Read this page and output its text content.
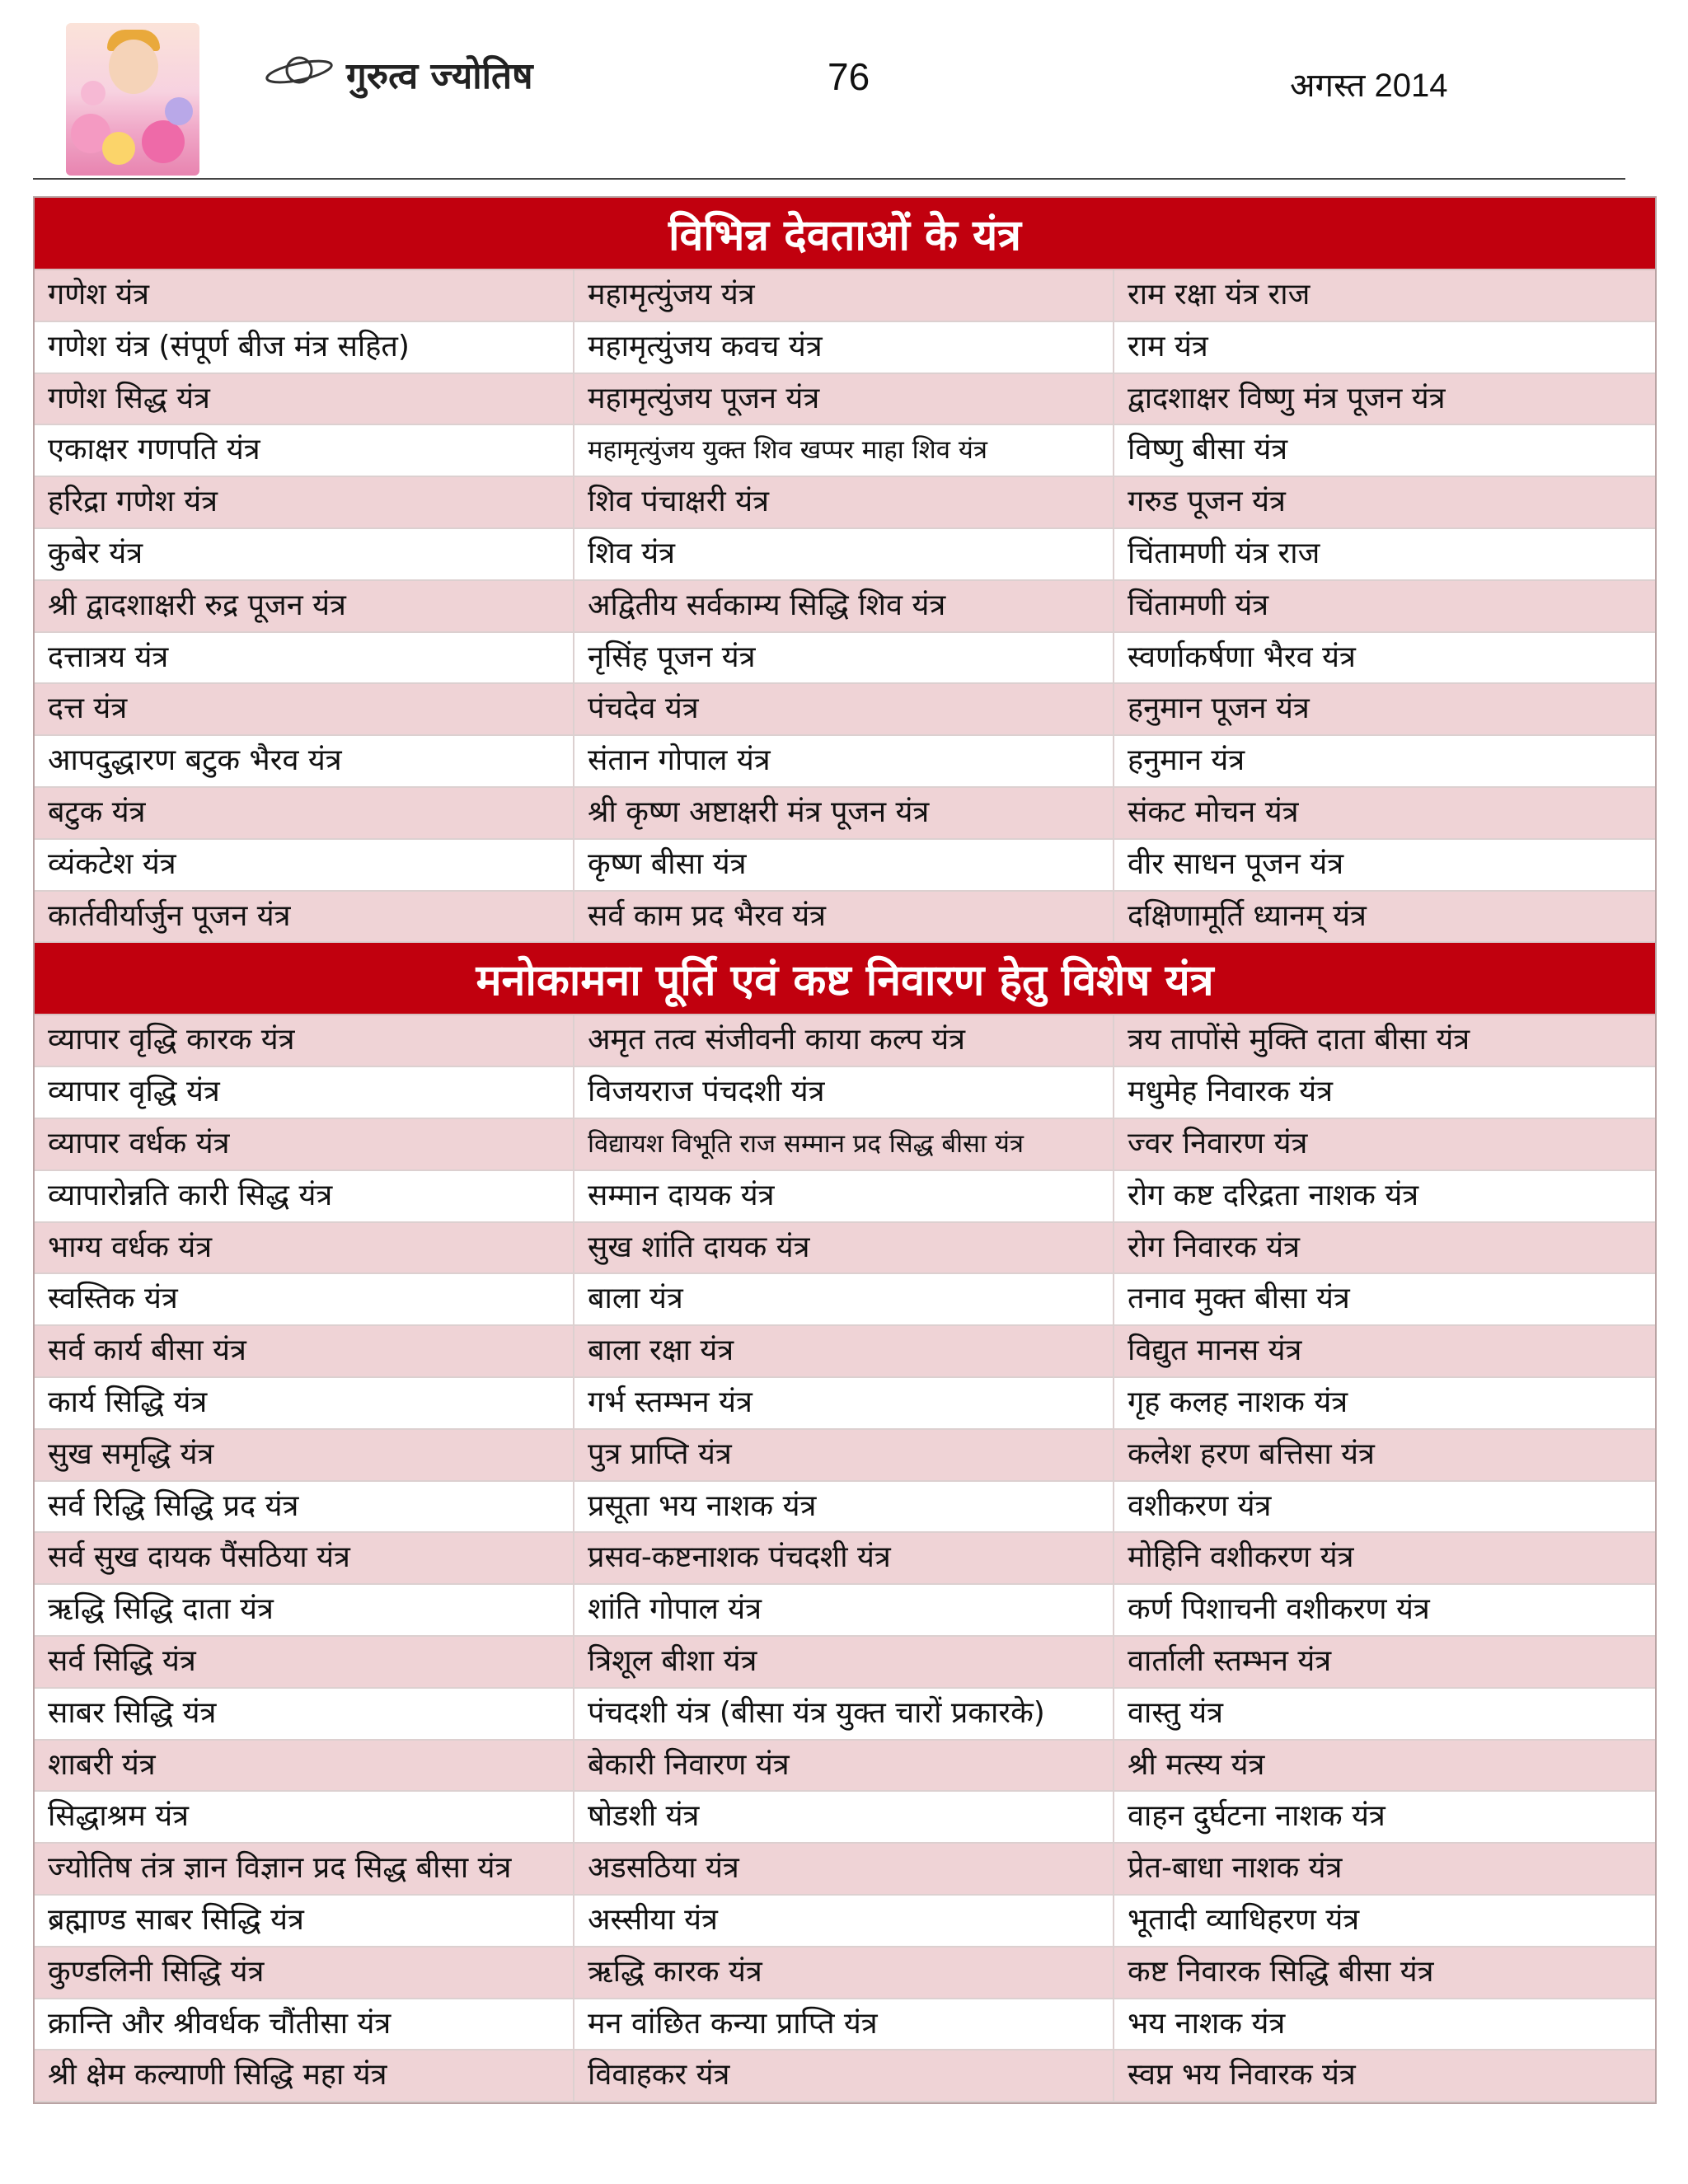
गुरुत्व ज्योतिष	76	अगस्त 2014
विभिन्न देवताओं के यंत्र
गणेश यंत्र	महामृत्युंजय यंत्र	राम रक्षा यंत्र राज
गणेश यंत्र (संपूर्ण बीज मंत्र सहित)	महामृत्युंजय कवच यंत्र	राम यंत्र
गणेश सिद्ध यंत्र	महामृत्युंजय पूजन यंत्र	द्वादशाक्षर विष्णु मंत्र पूजन यंत्र
एकाक्षर गणपति यंत्र	महामृत्युंजय युक्त शिव खप्पर माहा शिव यंत्र	विष्णु बीसा यंत्र
हरिद्रा गणेश यंत्र	शिव पंचाक्षरी यंत्र	गरुड पूजन यंत्र
कुबेर यंत्र	शिव यंत्र	चिंतामणी यंत्र राज
श्री द्वादशाक्षरी रुद्र पूजन यंत्र	अद्वितीय सर्वकाम्य सिद्धि शिव यंत्र	चिंतामणी यंत्र
दत्तात्रय यंत्र	नृसिंह पूजन यंत्र	स्वर्णाकर्षणा भैरव यंत्र
दत्त यंत्र	पंचदेव यंत्र	हनुमान पूजन यंत्र
आपदुद्धारण बटुक भैरव यंत्र	संतान गोपाल यंत्र	हनुमान यंत्र
बटुक यंत्र	श्री कृष्ण अष्टाक्षरी मंत्र पूजन यंत्र	संकट मोचन यंत्र
व्यंकटेश यंत्र	कृष्ण बीसा यंत्र	वीर साधन पूजन यंत्र
कार्तवीर्यार्जुन पूजन यंत्र	सर्व काम प्रद भैरव यंत्र	दक्षिणामूर्ति ध्यानम् यंत्र
मनोकामना पूर्ति एवं कष्ट निवारण हेतु विशेष यंत्र
व्यापार वृद्धि कारक यंत्र	अमृत तत्व संजीवनी काया कल्प यंत्र	त्रय तापोंसे मुक्ति दाता बीसा यंत्र
व्यापार वृद्धि यंत्र	विजयराज पंचदशी यंत्र	मधुमेह निवारक यंत्र
व्यापार वर्धक यंत्र	विद्यायश विभूति राज सम्मान प्रद सिद्ध बीसा यंत्र	ज्वर निवारण यंत्र
व्यापारोन्नति कारी सिद्ध यंत्र	सम्मान दायक यंत्र	रोग कष्ट दरिद्रता नाशक यंत्र
भाग्य वर्धक यंत्र	सुख शांति दायक यंत्र	रोग निवारक यंत्र
स्वस्तिक यंत्र	बाला यंत्र	तनाव मुक्त बीसा यंत्र
सर्व कार्य बीसा यंत्र	बाला रक्षा यंत्र	विद्युत मानस यंत्र
कार्य सिद्धि यंत्र	गर्भ स्तम्भन यंत्र	गृह कलह नाशक यंत्र
सुख समृद्धि यंत्र	पुत्र प्राप्ति यंत्र	कलेश हरण बत्तिसा यंत्र
सर्व रिद्धि सिद्धि प्रद यंत्र	प्रसूता भय नाशक यंत्र	वशीकरण यंत्र
सर्व सुख दायक पैंसठिया यंत्र	प्रसव-कष्टनाशक पंचदशी यंत्र	मोहिनि वशीकरण यंत्र
ऋद्धि सिद्धि दाता यंत्र	शांति गोपाल यंत्र	कर्ण पिशाचनी वशीकरण यंत्र
सर्व सिद्धि यंत्र	त्रिशूल बीशा यंत्र	वार्ताली स्तम्भन यंत्र
साबर सिद्धि यंत्र	पंचदशी यंत्र (बीसा यंत्र युक्त चारों प्रकारके)	वास्तु यंत्र
शाबरी यंत्र	बेकारी निवारण यंत्र	श्री मत्स्य यंत्र
सिद्धाश्रम यंत्र	षोडशी यंत्र	वाहन दुर्घटना नाशक यंत्र
ज्योतिष तंत्र ज्ञान विज्ञान प्रद सिद्ध बीसा यंत्र	अडसठिया यंत्र	प्रेत-बाधा नाशक यंत्र
ब्रह्माण्ड साबर सिद्धि यंत्र	अस्सीया यंत्र	भूतादी व्याधिहरण यंत्र
कुण्डलिनी सिद्धि यंत्र	ऋद्धि कारक यंत्र	कष्ट निवारक सिद्धि बीसा यंत्र
क्रान्ति और श्रीवर्धक चौंतीसा यंत्र	मन वांछित कन्या प्राप्ति यंत्र	भय नाशक यंत्र
श्री क्षेम कल्याणी सिद्धि महा यंत्र	विवाहकर यंत्र	स्वप्न भय निवारक यंत्र
